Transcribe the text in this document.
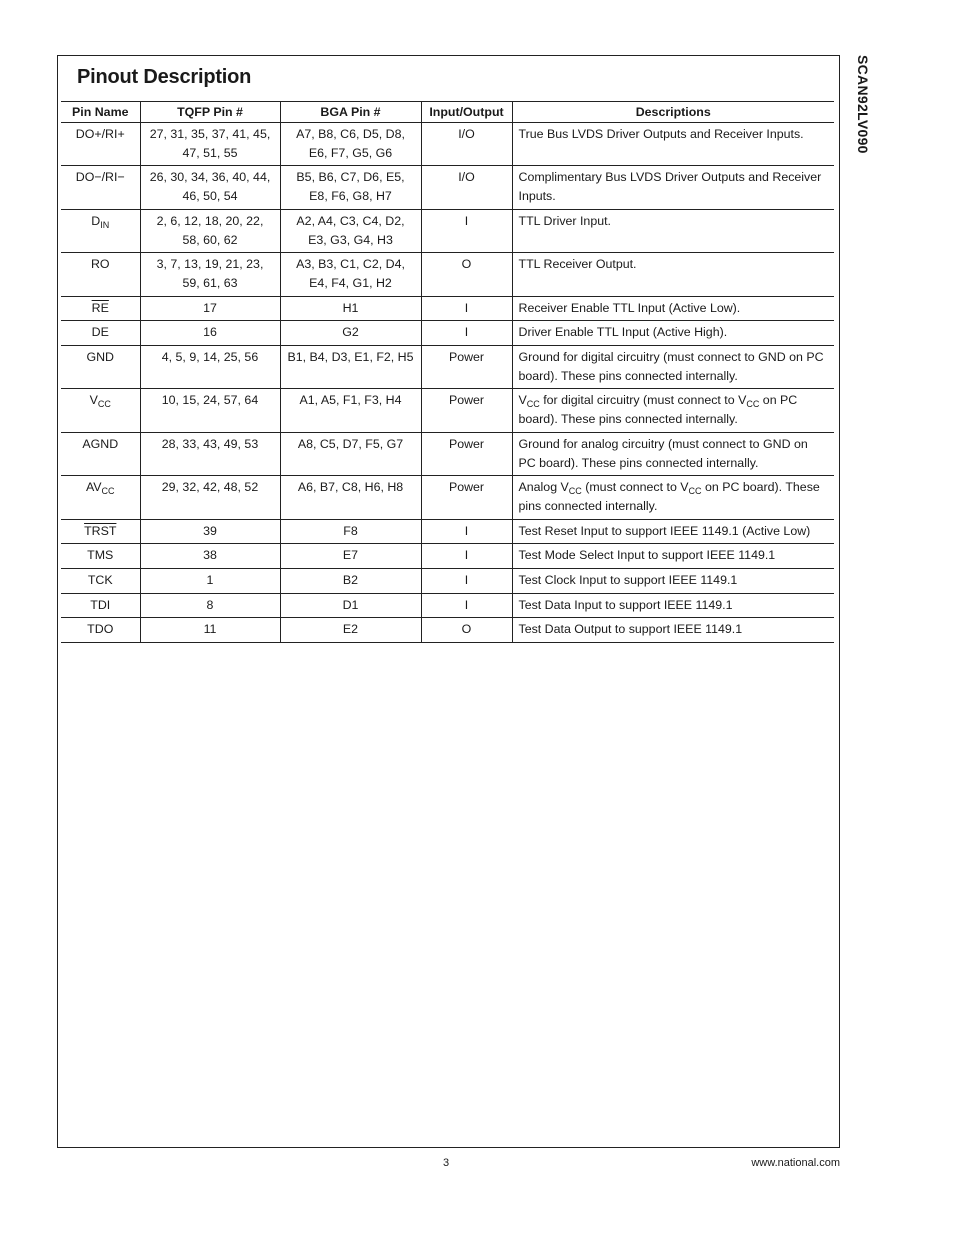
Pinout Description	SCAN92LV090
Pin Name	TQFP Pin #	BGA Pin #	Input/Output	Descriptions
DO+/RI+	27, 31, 35, 37, 41, 45, 47, 51, 55	A7, B8, C6, D5, D8, E6, F7, G5, G6	I/O	True Bus LVDS Driver Outputs and Receiver Inputs.
DO−/RI−	26, 30, 34, 36, 40, 44, 46, 50, 54	B5, B6, C7, D6, E5, E8, F6, G8, H7	I/O	Complimentary Bus LVDS Driver Outputs and Receiver Inputs.
$D_{IN}$	2, 6, 12, 18, 20, 22, 58, 60, 62	A2, A4, C3, C4, D2, E3, G3, G4, H3	I	TTL Driver Input.
RO	3, 7, 13, 19, 21, 23, 59, 61, 63	A3, B3, C1, C2, D4, E4, F4, G1, H2	O	TTL Receiver Output.
$\overline{RE}$	17	H1	I	Receiver Enable TTL Input (Active Low).
DE	16	G2	I	Driver Enable TTL Input (Active High).
GND	4, 5, 9, 14, 25, 56	B1, B4, D3, E1, F2, H5	Power	Ground for digital circuitry (must connect to GND on PC board). These pins connected internally.
$V_{CC}$	10, 15, 24, 57, 64	A1, A5, F1, F3, H4	Power	$V_{CC}$ for digital circuitry (must connect to $V_{CC}$ on PC board). These pins connected internally.
AGND	28, 33, 43, 49, 53	A8, C5, D7, F5, G7	Power	Ground for analog circuitry (must connect to GND on PC board). These pins connected internally.
$AV_{CC}$	29, 32, 42, 48, 52	A6, B7, C8, H6, H8	Power	Analog $V_{CC}$ (must connect to $V_{CC}$ on PC board). These pins connected internally.
TRST	39	F8	I	Test Reset Input to support IEEE 1149.1 (Active Low)
TMS	38	E7	I	Test Mode Select Input to support IEEE 1149.1
TCK	1	B2	I	Test Clock Input to support IEEE 1149.1
TDI	8	D1	I	Test Data Input to support IEEE 1149.1
TDO	11	E2	O	Test Data Output to support IEEE 1149.1
3	www.national.com
